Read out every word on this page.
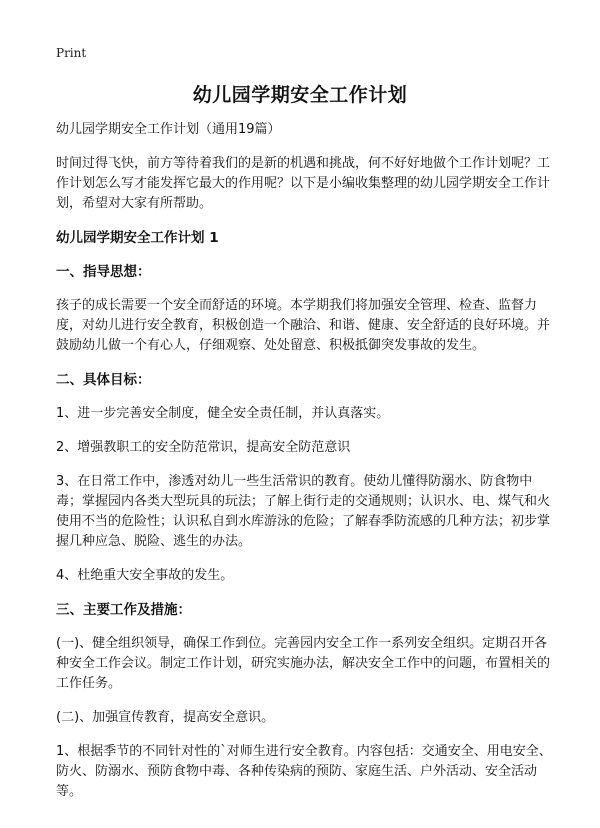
Print
幼儿园学期安全工作计划

幼儿园学期安全工作计划（通用19篇）

时间过得飞快，前方等待着我们的是新的机遇和挑战，何不好好地做个工作计划呢？工作计划怎么写才能发挥它最大的作用呢？以下是小编收集整理的幼儿园学期安全工作计划，希望对大家有所帮助。

幼儿园学期安全工作计划 1

一、指导思想：

孩子的成长需要一个安全而舒适的环境。本学期我们将加强安全管理、检查、监督力度，对幼儿进行安全教育，积极创造一个融洽、和谐、健康、安全舒适的良好环境。并鼓励幼儿做一个有心人，仔细观察、处处留意、积极抵御突发事故的发生。

二、具体目标：

1、进一步完善安全制度，健全安全责任制，并认真落实。

2、增强教职工的安全防范常识，提高安全防范意识

3、在日常工作中，渗透对幼儿一些生活常识的教育。使幼儿懂得防溺水、防食物中毒；掌握园内各类大型玩具的玩法；了解上街行走的交通规则；认识水、电、煤气和火使用不当的危险性；认识私自到水库游泳的危险；了解春季防流感的几种方法；初步掌握几种应急、脱险、逃生的办法。

4、杜绝重大安全事故的发生。

三、主要工作及措施：

(一)、健全组织领导，确保工作到位。完善园内安全工作一系列安全组织。定期召开各种安全工作会议。制定工作计划，研究实施办法，解决安全工作中的问题，布置相关的工作任务。

(二)、加强宣传教育，提高安全意识。

1、根据季节的不同针对性的`对师生进行安全教育。内容包括：交通安全、用电安全、防火、防溺水、预防食物中毒、各种传染病的预防、家庭生活、户外活动、安全活动等。
